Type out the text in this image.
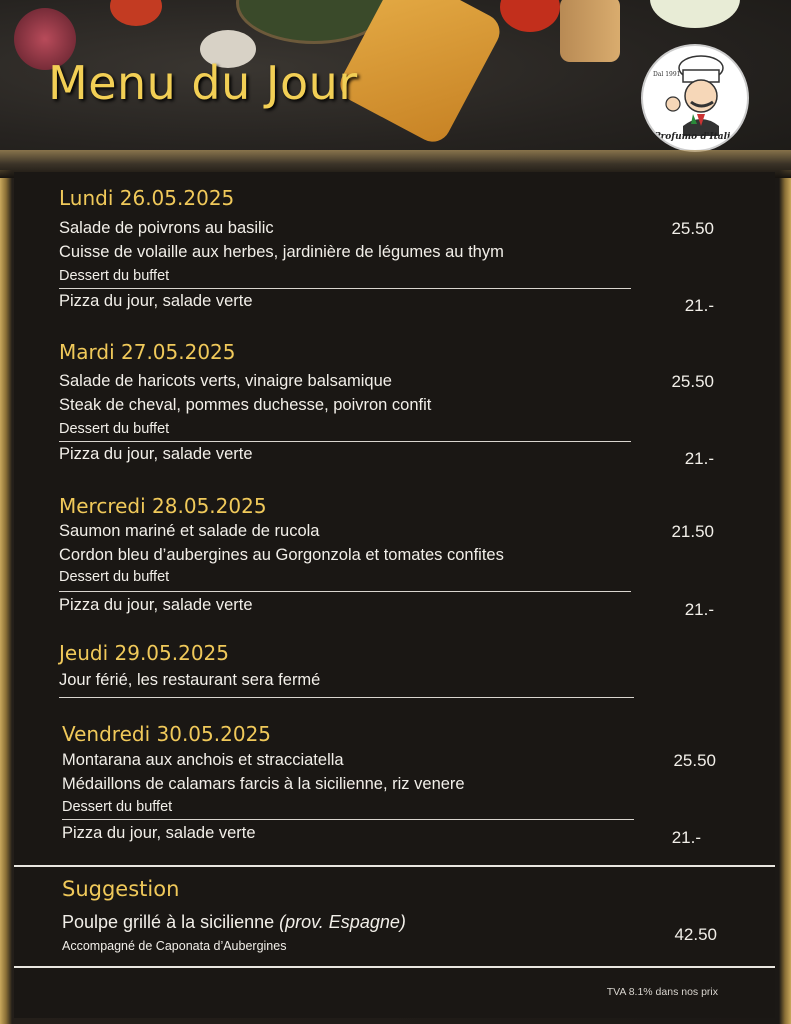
Menu du Jour	Dal 1991
Profumo d'Italia
Lundi 26.05.2025
Salade de poivrons au basilic
Cuisse de volaille aux herbes, jardinière de légumes au thym
Dessert du buffet
25.50
Pizza du jour, salade verte	21.-
Mardi 27.05.2025
Salade de haricots verts, vinaigre balsamique
Steak de cheval, pommes duchesse, poivron confit
Dessert du buffet
25.50
Pizza du jour, salade verte	21.-
Mercredi 28.05.2025
Saumon mariné et salade de rucola
Cordon bleu d’aubergines au Gorgonzola et tomates confites
Dessert du buffet
21.50
Pizza du jour, salade verte	21.-
Jeudi 29.05.2025
Jour férié, les restaurant sera fermé
Vendredi 30.05.2025
Montarana aux anchois et stracciatella
Médaillons de calamars farcis à la sicilienne, riz venere
Dessert du buffet
25.50
Pizza du jour, salade verte	21.-
Suggestion
Poulpe grillé à la sicilienne (prov. Espagne)
Accompagné de Caponata d’Aubergines
42.50
TVA 8.1% dans nos prix
